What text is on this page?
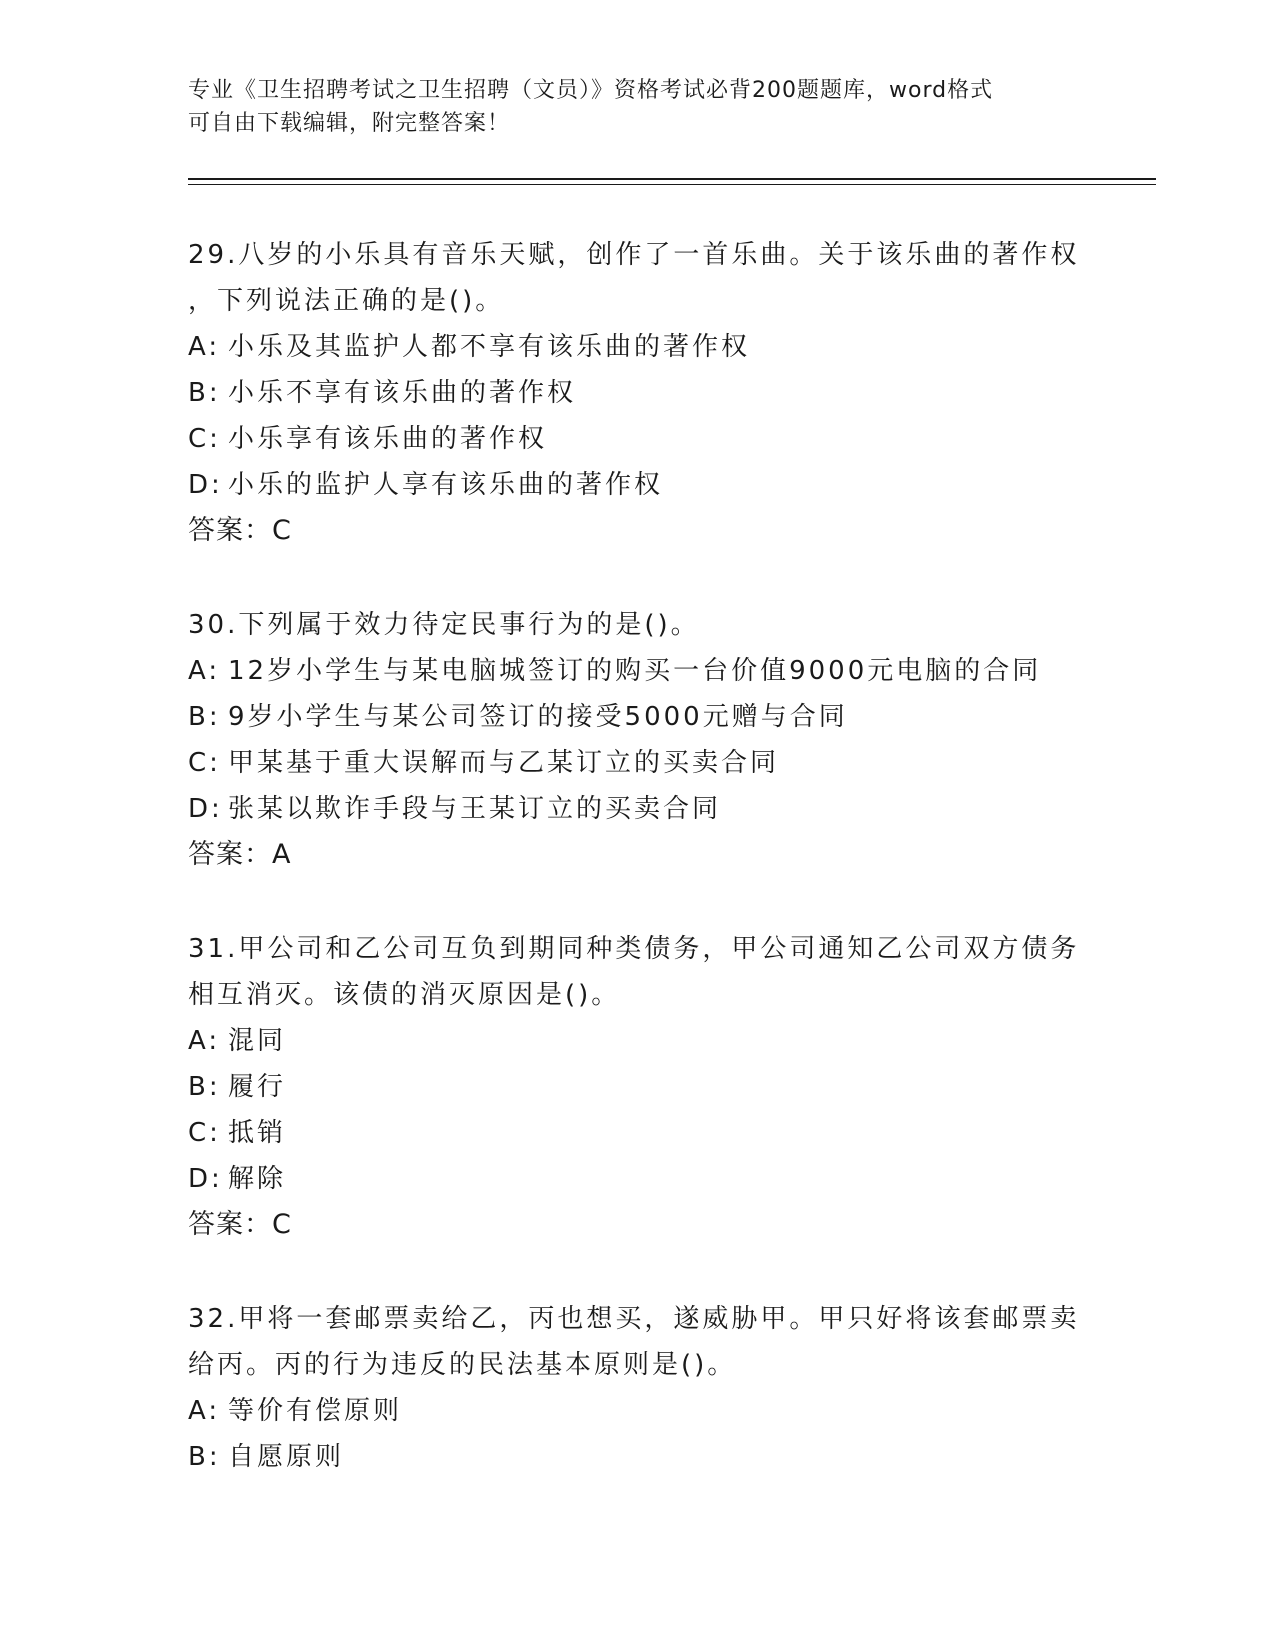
专业《卫生招聘考试之卫生招聘（文员）》资格考试必背200题题库，word格式
可自由下载编辑，附完整答案！
29.八岁的小乐具有音乐天赋，创作了一首乐曲。关于该乐曲的著作权
，下列说法正确的是()。
A: 小乐及其监护人都不享有该乐曲的著作权
B: 小乐不享有该乐曲的著作权
C: 小乐享有该乐曲的著作权
D: 小乐的监护人享有该乐曲的著作权
答案：C
30.下列属于效力待定民事行为的是()。
A: 12岁小学生与某电脑城签订的购买一台价值9000元电脑的合同
B: 9岁小学生与某公司签订的接受5000元赠与合同
C: 甲某基于重大误解而与乙某订立的买卖合同
D: 张某以欺诈手段与王某订立的买卖合同
答案：A
31.甲公司和乙公司互负到期同种类债务，甲公司通知乙公司双方债务
相互消灭。该债的消灭原因是()。
A: 混同
B: 履行
C: 抵销
D: 解除
答案：C
32.甲将一套邮票卖给乙，丙也想买，遂威胁甲。甲只好将该套邮票卖
给丙。丙的行为违反的民法基本原则是()。
A: 等价有偿原则
B: 自愿原则
